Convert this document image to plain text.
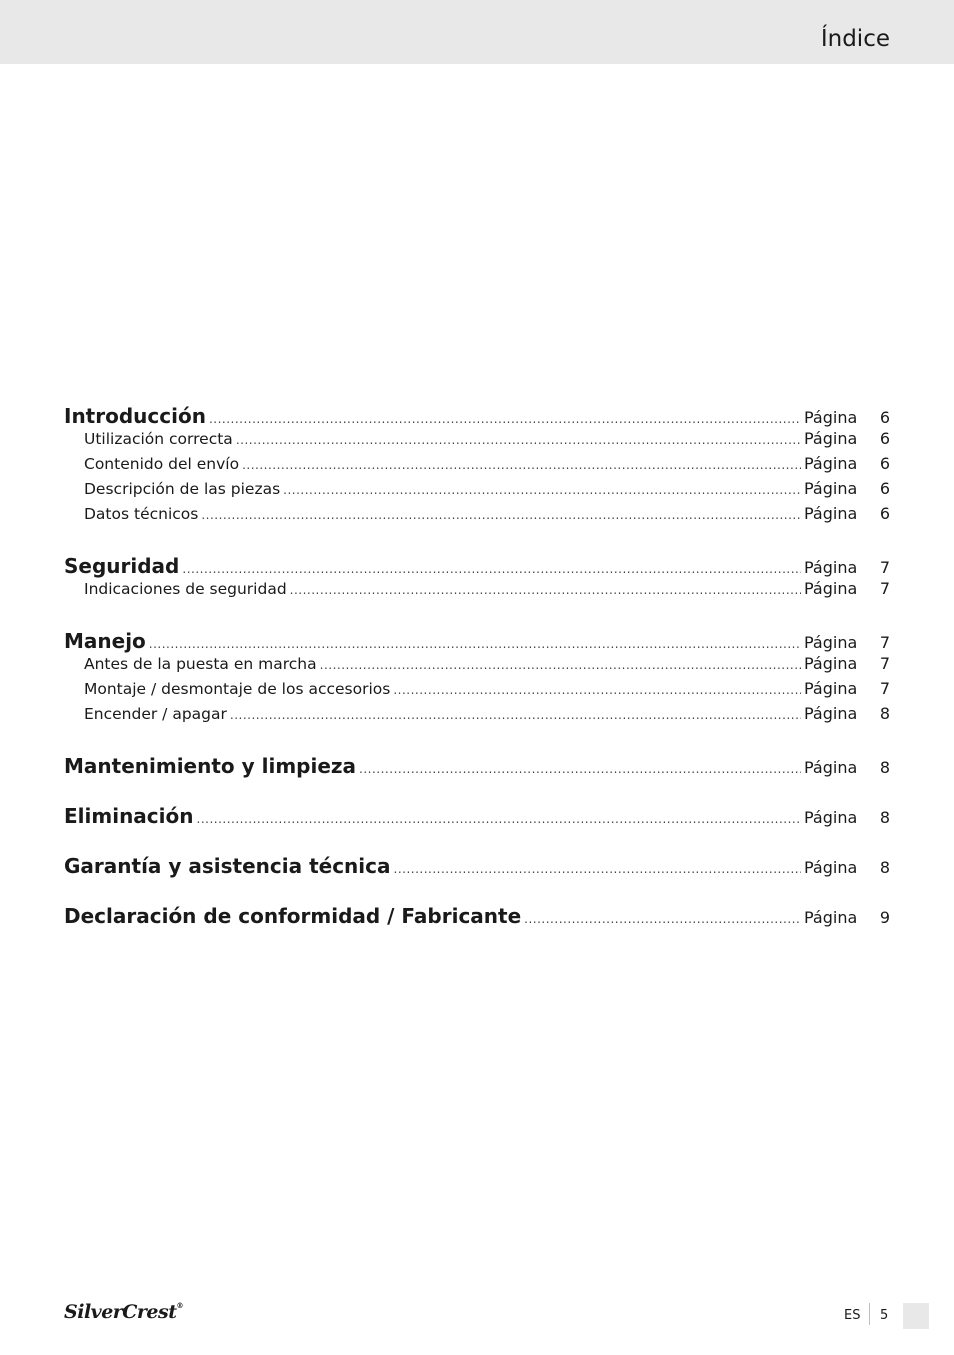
Índice
Introducción .....	Página	6
Utilización correcta .....	Página	6
Contenido del envío .....	Página	6
Descripción de las piezas .....	Página	6
Datos técnicos .....	Página	6
Seguridad .....	Página	7
Indicaciones de seguridad .....	Página	7
Manejo .....	Página	7
Antes de la puesta en marcha .....	Página	7
Montaje / desmontaje de los accesorios .....	Página	7
Encender / apagar .....	Página	8
Mantenimiento y limpieza .....	Página	8
Eliminación .....	Página	8
Garantía y asistencia técnica .....	Página	8
Declaración de conformidad / Fabricante .....	Página	9
SilverCrest®
ES 5
